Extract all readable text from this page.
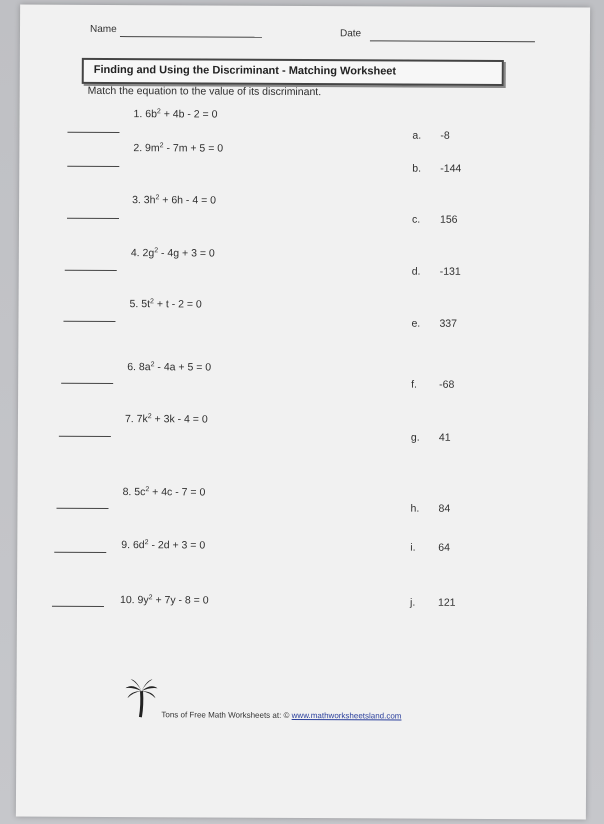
Name	Date
Finding and Using the Discriminant - Matching Worksheet
Match the equation to the value of its discriminant.
1. $6b^2 + 4b - 2 = 0$
2. $9m^2 - 7m + 5 = 0$
3. $3h^2 + 6h - 4 = 0$
4. $2g^2 - 4g + 3 = 0$
5. $5t^2 + t - 2 = 0$
6. $8a^2 - 4a + 5 = 0$
7. $7k^2 + 3k - 4 = 0$
8. $5c^2 + 4c - 7 = 0$
9. $6d^2 - 2d + 3 = 0$
10. $9y^2 + 7y - 8 = 0$
a. -8
b. -144
c. 156
d. -131
e. 337
f. -68
g. 41
h. 84
i. 64
j. 121
Tons of Free Math Worksheets at: © www.mathworksheetsland.com
